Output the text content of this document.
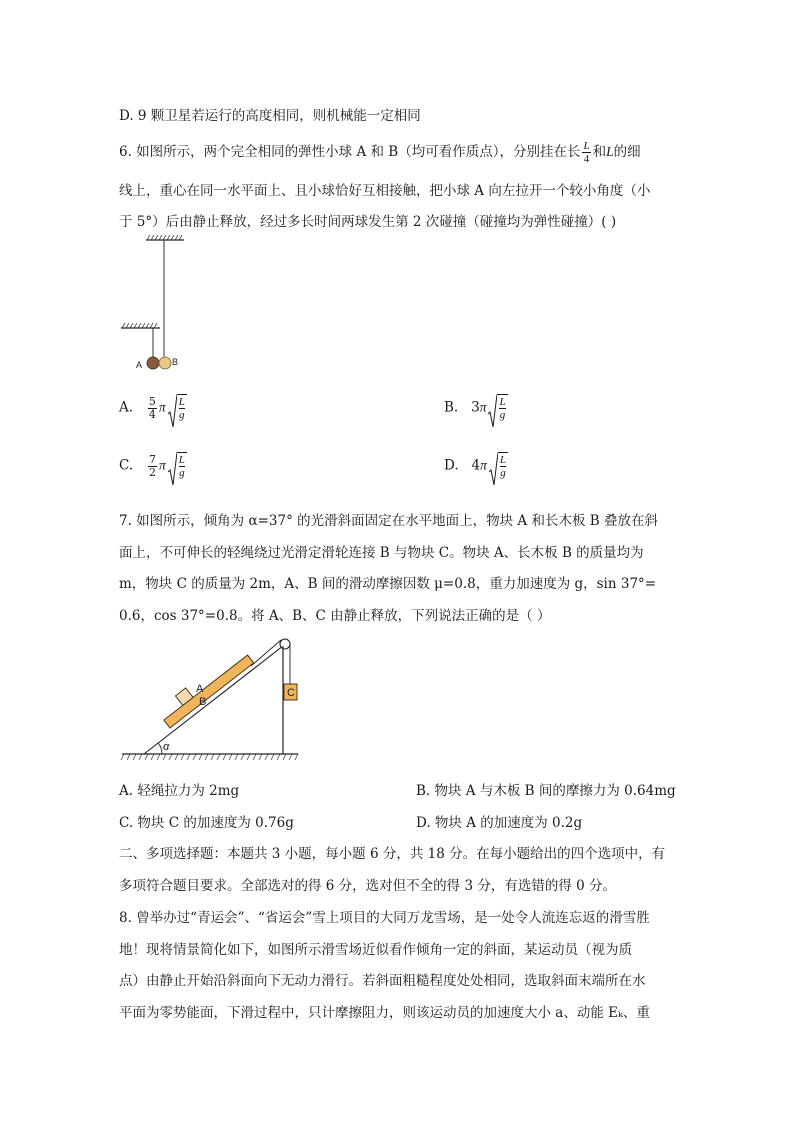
D. 9 颗卫星若运行的高度相同，则机械能一定相同
6. 如图所示，两个完全相同的弹性小球 A 和 B（均可看作质点），分别挂在长 $\frac{L}{4}$ 和L的细
线上，重心在同一水平面上、且小球恰好互相接触，把小球 A 向左拉开一个较小角度（小
于 5°）后由静止释放，经过多长时间两球发生第 2 次碰撞（碰撞均为弹性碰撞）( )
A	B
A. $\frac{5}{4}$ π $\frac{L}{g}$	B. $3\pi \frac{L}{g}$
C. $\frac{7}{2}$ π $\frac{L}{g}$	D. $4\pi \frac{L}{g}$
7. 如图所示，倾角为 α=37° 的光滑斜面固定在水平地面上，物块 A 和长木板 B 叠放在斜
面上，不可伸长的轻绳绕过光滑定滑轮连接 B 与物块 C。物块 A、长木板 B 的质量均为
m，物块 C 的质量为 2m，A、B 间的滑动摩擦因数 μ=0.8，重力加速度为 g，sin 37°=
0.6，cos 37°=0.8。将 A、B、C 由静止释放，下列说法正确的是（ ）
α
A
B
C
A. 轻绳拉力为 2mg	B. 物块 A 与木板 B 间的摩擦力为 0.64mg
C. 物块 C 的加速度为 0.76g	D. 物块 A 的加速度为 0.2g
二、多项选择题：本题共 3 小题，每小题 6 分，共 18 分。在每小题给出的四个选项中，有
多项符合题目要求。全部选对的得 6 分，选对但不全的得 3 分，有选错的得 0 分。
8. 曾举办过“青运会”、“省运会”雪上项目的大同万龙雪场，是一处令人流连忘返的滑雪胜
地！现将情景简化如下，如图所示滑雪场近似看作倾角一定的斜面，某运动员（视为质
点）由静止开始沿斜面向下无动力滑行。若斜面粗糙程度处处相同，选取斜面末端所在水
平面为零势能面，下滑过程中，只计摩擦阻力，则该运动员的加速度大小 a、动能 Eₖ、重
